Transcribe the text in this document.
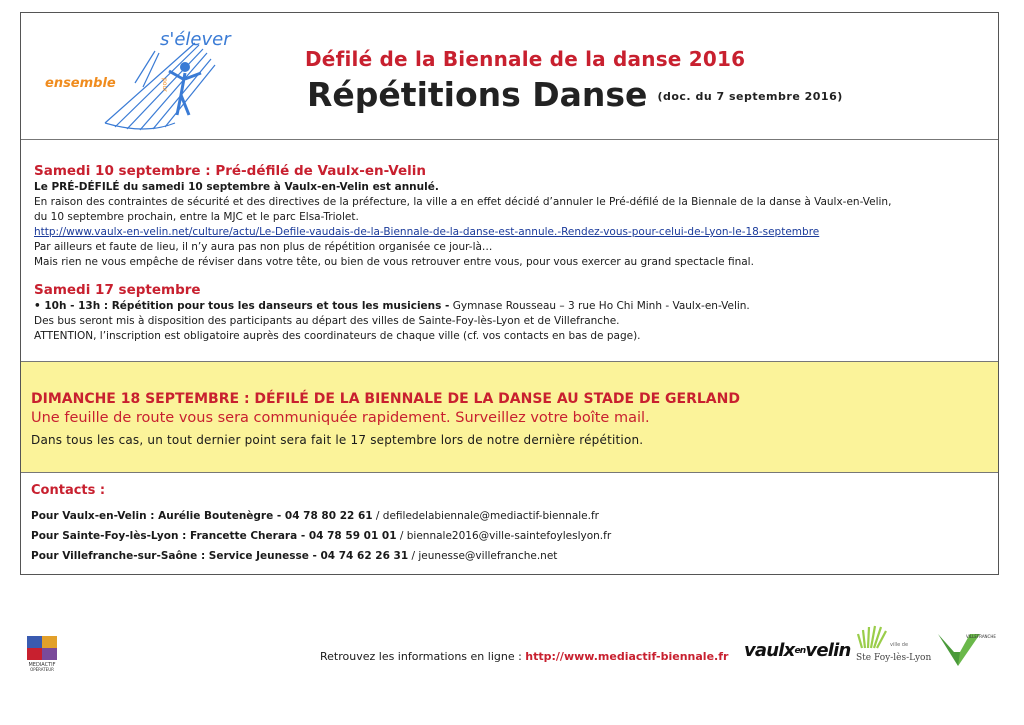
s'élever
ensemble	pour
Défilé de la Biennale de la danse 2016
Répétitions Danse (doc. du 7 septembre 2016)
Samedi 10 septembre : Pré-défilé de Vaulx-en-Velin
Le PRÉ-DÉFILÉ du samedi 10 septembre à Vaulx-en-Velin est annulé.
En raison des contraintes de sécurité et des directives de la préfecture, la ville a en effet décidé d’annuler le Pré-défilé de la Biennale de la danse à Vaulx-en-Velin,
du 10 septembre prochain, entre la MJC et le parc Elsa-Triolet.
http://www.vaulx-en-velin.net/culture/actu/Le-Defile-vaudais-de-la-Biennale-de-la-danse-est-annule.-Rendez-vous-pour-celui-de-Lyon-le-18-septembre
Par ailleurs et faute de lieu, il n’y aura pas non plus de répétition organisée ce jour-là…
Mais rien ne vous empêche de réviser dans votre tête, ou bien de vous retrouver entre vous, pour vous exercer au grand spectacle final.
Samedi 17 septembre
• 10h - 13h : Répétition pour tous les danseurs et tous les musiciens - Gymnase Rousseau – 3 rue Ho Chi Minh - Vaulx-en-Velin.
Des bus seront mis à disposition des participants au départ des villes de Sainte-Foy-lès-Lyon et de Villefranche.
ATTENTION, l’inscription est obligatoire auprès des coordinateurs de chaque ville (cf. vos contacts en bas de page).
DIMANCHE 18 SEPTEMBRE : DÉFILÉ DE LA BIENNALE DE LA DANSE AU STADE DE GERLAND
Une feuille de route vous sera communiquée rapidement. Surveillez votre boîte mail.
Dans tous les cas, un tout dernier point sera fait le 17 septembre lors de notre dernière répétition.
Contacts :
Pour Vaulx-en-Velin : Aurélie Boutenègre - 04 78 80 22 61 / defiledelabiennale@mediactif-biennale.fr
Pour Sainte-Foy-lès-Lyon : Francette Cherara - 04 78 59 01 01 / biennale2016@ville-saintefoyleslyon.fr
Pour Villefranche-sur-Saône : Service Jeunesse - 04 74 62 26 31 / jeunesse@villefranche.net
MEDIACTIF
OPÉRATEUR
Retrouvez les informations en ligne : http://www.mediactif-biennale.fr vaulxenvelin	ville de
Ste Foy-lès-Lyon
VILLEFRANCHE
